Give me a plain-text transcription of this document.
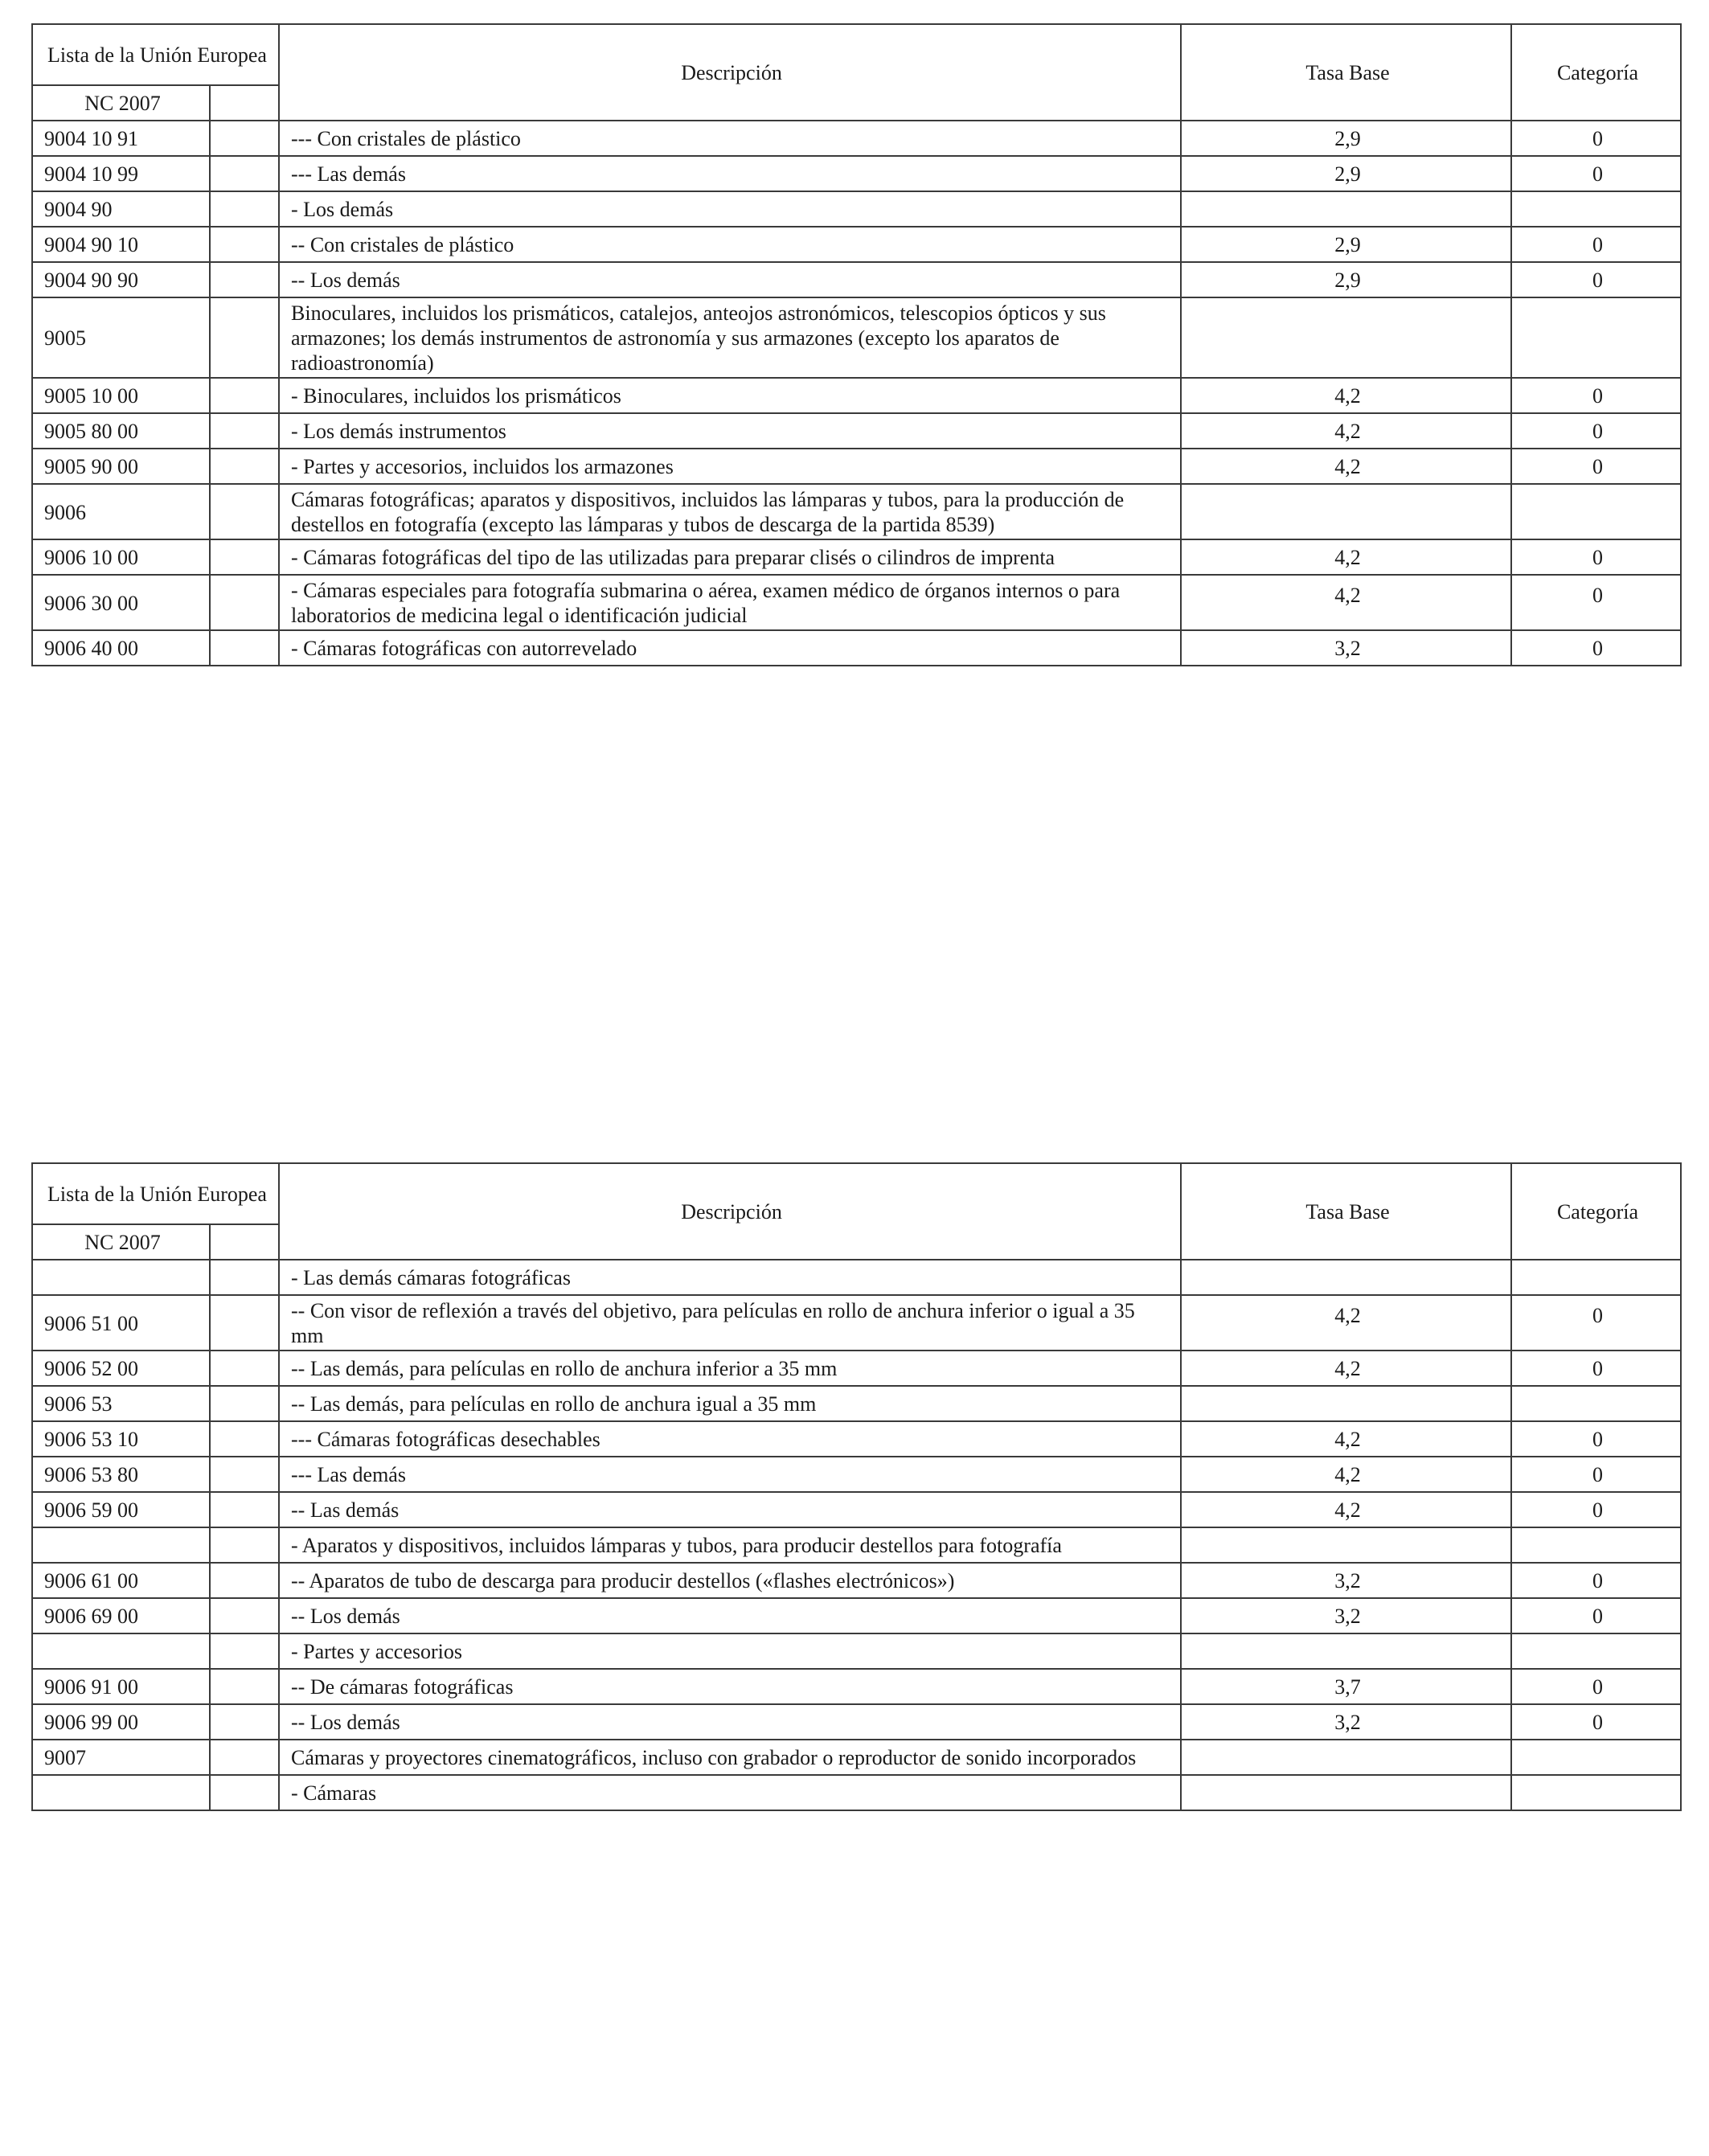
Lista de la Unión Europea		Descripción	Tasa Base	Categoría
NC 2007				
9004 10 91		--- Con cristales de plástico	2,9	0
9004 10 99		--- Las demás	2,9	0
9004 90		- Los demás		
9004 90 10		-- Con cristales de plástico	2,9	0
9004 90 90		-- Los demás	2,9	0
9005		Binoculares, incluidos los prismáticos, catalejos, anteojos astronómicos, telescopios ópticos y sus armazones; los demás instrumentos de astronomía y sus armazones (excepto los aparatos de radioastronomía)		
9005 10 00		- Binoculares, incluidos los prismáticos	4,2	0
9005 80 00		- Los demás instrumentos	4,2	0
9005 90 00		- Partes y accesorios, incluidos los armazones	4,2	0
9006		Cámaras fotográficas; aparatos y dispositivos, incluidos las lámparas y tubos, para la producción de destellos en fotografía (excepto las lámparas y tubos de descarga de la partida 8539)		
9006 10 00		- Cámaras fotográficas del tipo de las utilizadas para preparar clisés o cilindros de imprenta	4,2	0
9006 30 00		- Cámaras especiales para fotografía submarina o aérea, examen médico de órganos internos o para laboratorios de medicina legal o identificación judicial	4,2	0
9006 40 00		- Cámaras fotográficas con autorrevelado	3,2	0
Lista de la Unión Europea		Descripción	Tasa Base	Categoría
NC 2007				
		- Las demás cámaras fotográficas		
9006 51 00		-- Con visor de reflexión a través del objetivo, para películas en rollo de anchura inferior o igual a 35 mm	4,2	0
9006 52 00		-- Las demás, para películas en rollo de anchura inferior a 35 mm	4,2	0
9006 53		-- Las demás, para películas en rollo de anchura igual a 35 mm		
9006 53 10		--- Cámaras fotográficas desechables	4,2	0
9006 53 80		--- Las demás	4,2	0
9006 59 00		-- Las demás	4,2	0
		- Aparatos y dispositivos, incluidos lámparas y tubos, para producir destellos para fotografía		
9006 61 00		-- Aparatos de tubo de descarga para producir destellos («flashes electrónicos»)	3,2	0
9006 69 00		-- Los demás	3,2	0
		- Partes y accesorios		
9006 91 00		-- De cámaras fotográficas	3,7	0
9006 99 00		-- Los demás	3,2	0
9007		Cámaras y proyectores cinematográficos, incluso con grabador o reproductor de sonido incorporados		
		- Cámaras		
